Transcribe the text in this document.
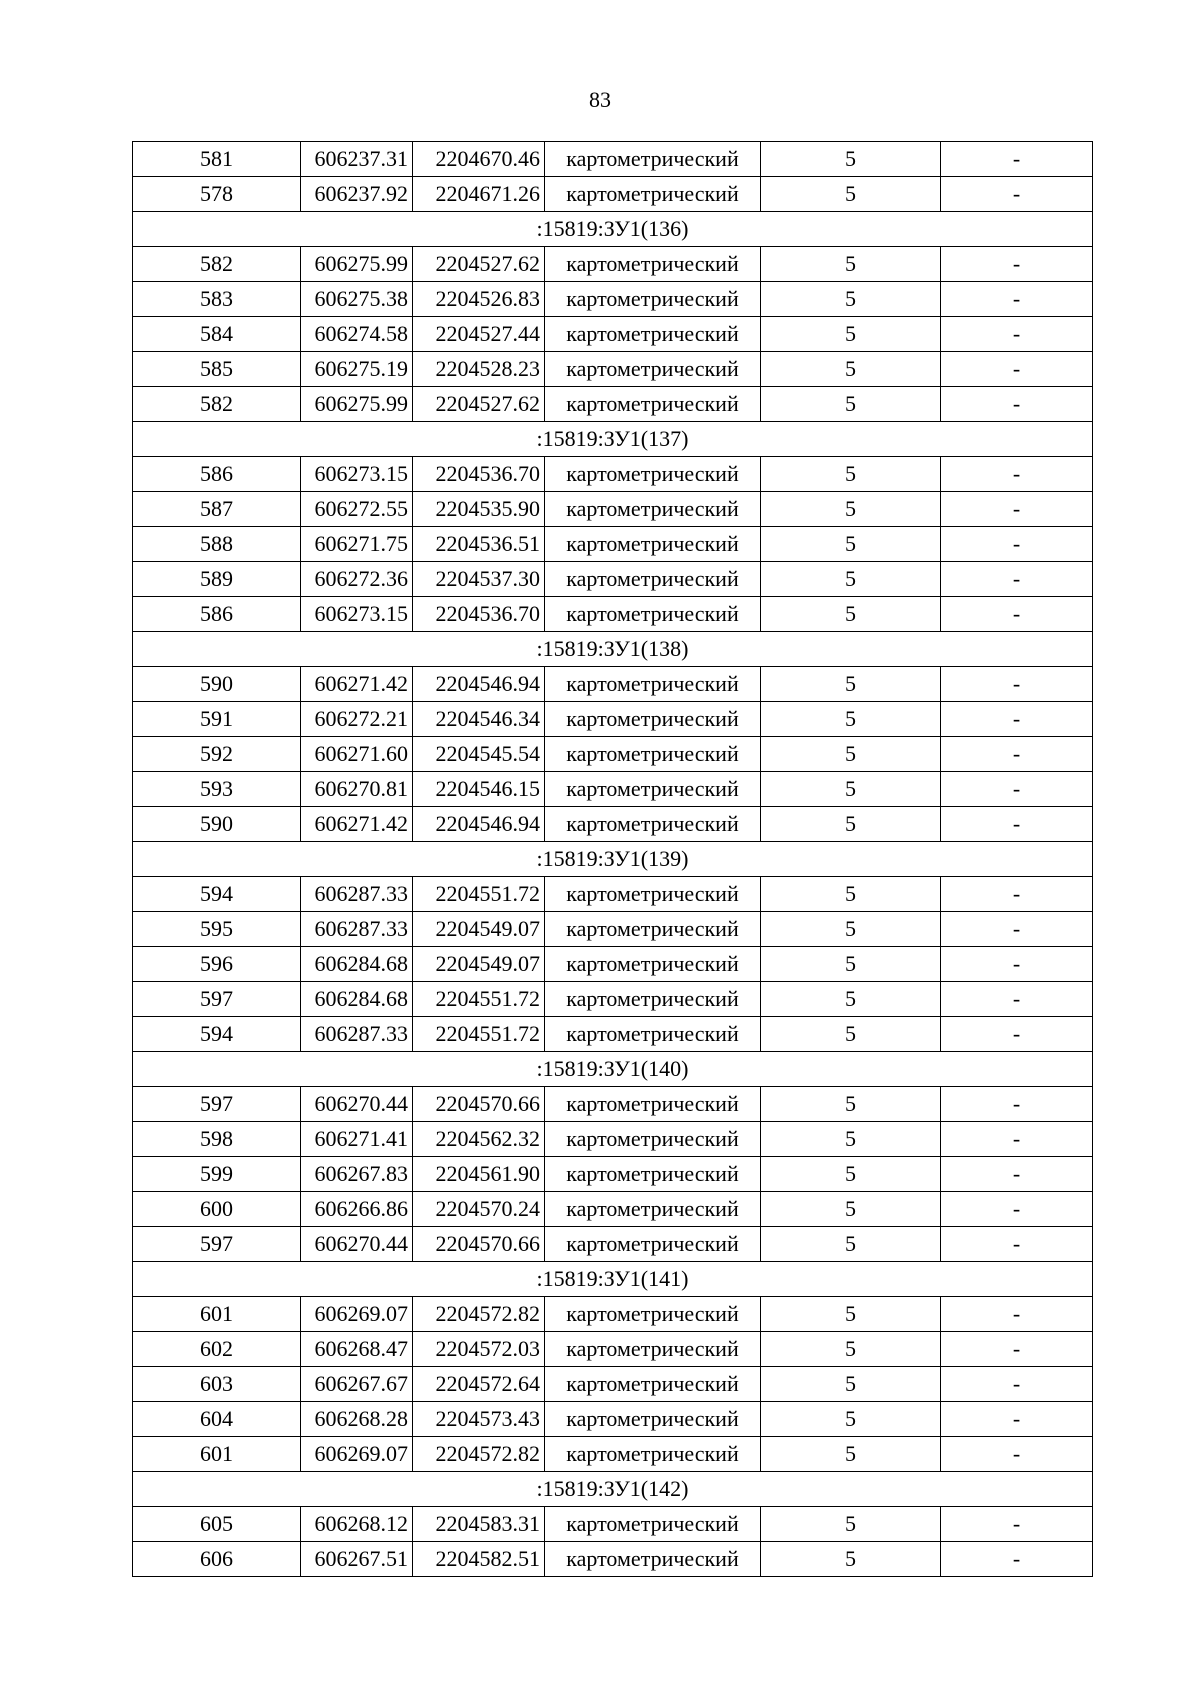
83
581	606237.31	2204670.46	картометрический	5	-
578	606237.92	2204671.26	картометрический	5	-
:15819:ЗУ1(136)					
582	606275.99	2204527.62	картометрический	5	-
583	606275.38	2204526.83	картометрический	5	-
584	606274.58	2204527.44	картометрический	5	-
585	606275.19	2204528.23	картометрический	5	-
582	606275.99	2204527.62	картометрический	5	-
:15819:ЗУ1(137)					
586	606273.15	2204536.70	картометрический	5	-
587	606272.55	2204535.90	картометрический	5	-
588	606271.75	2204536.51	картометрический	5	-
589	606272.36	2204537.30	картометрический	5	-
586	606273.15	2204536.70	картометрический	5	-
:15819:ЗУ1(138)					
590	606271.42	2204546.94	картометрический	5	-
591	606272.21	2204546.34	картометрический	5	-
592	606271.60	2204545.54	картометрический	5	-
593	606270.81	2204546.15	картометрический	5	-
590	606271.42	2204546.94	картометрический	5	-
:15819:ЗУ1(139)					
594	606287.33	2204551.72	картометрический	5	-
595	606287.33	2204549.07	картометрический	5	-
596	606284.68	2204549.07	картометрический	5	-
597	606284.68	2204551.72	картометрический	5	-
594	606287.33	2204551.72	картометрический	5	-
:15819:ЗУ1(140)					
597	606270.44	2204570.66	картометрический	5	-
598	606271.41	2204562.32	картометрический	5	-
599	606267.83	2204561.90	картометрический	5	-
600	606266.86	2204570.24	картометрический	5	-
597	606270.44	2204570.66	картометрический	5	-
:15819:ЗУ1(141)					
601	606269.07	2204572.82	картометрический	5	-
602	606268.47	2204572.03	картометрический	5	-
603	606267.67	2204572.64	картометрический	5	-
604	606268.28	2204573.43	картометрический	5	-
601	606269.07	2204572.82	картометрический	5	-
:15819:ЗУ1(142)					
605	606268.12	2204583.31	картометрический	5	-
606	606267.51	2204582.51	картометрический	5	-
